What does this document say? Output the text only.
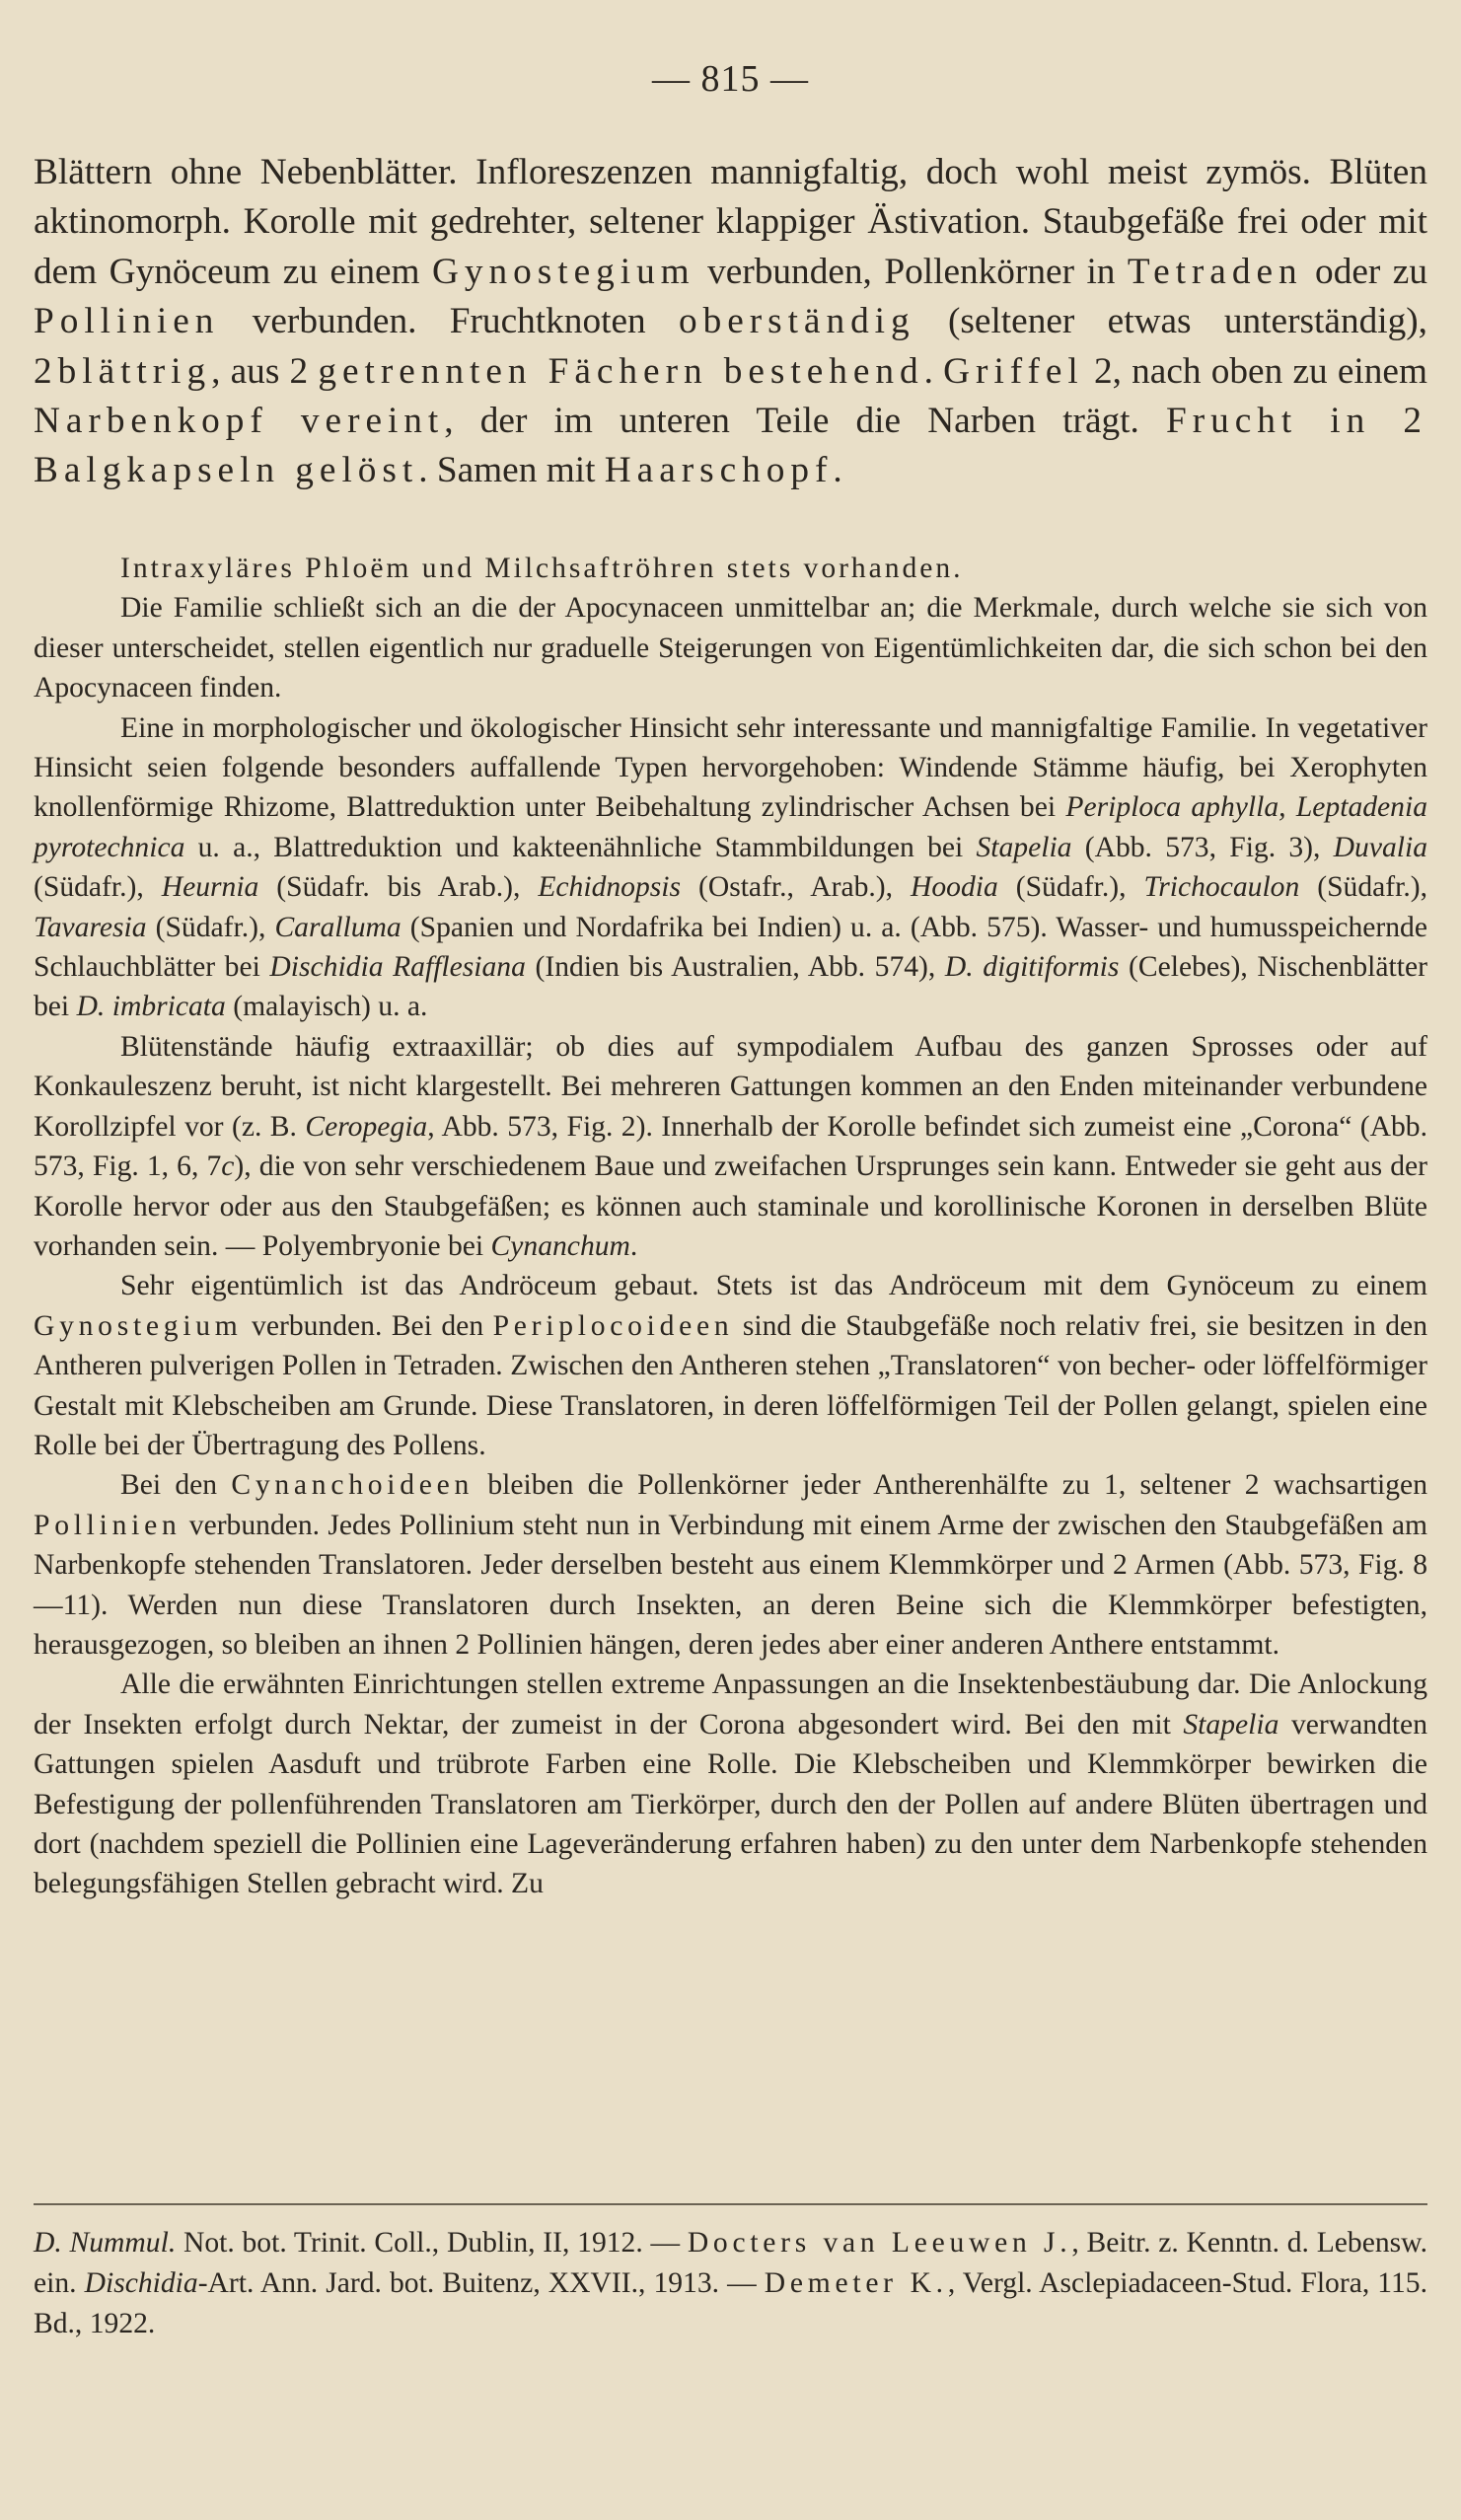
— 815 —

Blättern ohne Nebenblätter. Infloreszenzen mannigfaltig, doch wohl meist zymös. Blüten aktinomorph. Korolle mit gedrehter, seltener klappiger Ästivation. Staubgefäße frei oder mit dem Gynöceum zu einem Gynostegium verbunden, Pollenkörner in Tetraden oder zu Pollinien verbunden. Fruchtknoten oberständig (seltener etwas unterständig), 2blättrig, aus 2 getrennten Fächern bestehend. Griffel 2, nach oben zu einem Narbenkopf vereint, der im unteren Teile die Narben trägt. Frucht in 2 Balgkapseln gelöst. Samen mit Haarschopf.

Intraxyläres Phloëm und Milchsaftröhren stets vorhanden.

Die Familie schließt sich an die der Apocynaceen unmittelbar an; die Merkmale, durch welche sie sich von dieser unterscheidet, stellen eigentlich nur graduelle Steigerungen von Eigentümlichkeiten dar, die sich schon bei den Apocynaceen finden.

Eine in morphologischer und ökologischer Hinsicht sehr interessante und mannigfaltige Familie. In vegetativer Hinsicht seien folgende besonders auffallende Typen hervorgehoben: Windende Stämme häufig, bei Xerophyten knollenförmige Rhizome, Blattreduktion unter Beibehaltung zylindrischer Achsen bei Periploca aphylla, Leptadenia pyrotechnica u. a., Blattreduktion und kakteenähnliche Stammbildungen bei Stapelia (Abb. 573, Fig. 3), Duvalia (Südafr.), Heurnia (Südafr. bis Arab.), Echidnopsis (Ostafr., Arab.), Hoodia (Südafr.), Trichocaulon (Südafr.), Tavaresia (Südafr.), Caralluma (Spanien und Nordafrika bei Indien) u. a. (Abb. 575). Wasser- und humusspeichernde Schlauchblätter bei Dischidia Rafflesiana (Indien bis Australien, Abb. 574), D. digitiformis (Celebes), Nischenblätter bei D. imbricata (malayisch) u. a.

Blütenstände häufig extraaxillär; ob dies auf sympodialem Aufbau des ganzen Sprosses oder auf Konkauleszenz beruht, ist nicht klargestellt. Bei mehreren Gattungen kommen an den Enden miteinander verbundene Korollzipfel vor (z. B. Ceropegia, Abb. 573, Fig. 2). Innerhalb der Korolle befindet sich zumeist eine „Corona“ (Abb. 573, Fig. 1, 6, 7c), die von sehr verschiedenem Baue und zweifachen Ursprunges sein kann. Entweder sie geht aus der Korolle hervor oder aus den Staubgefäßen; es können auch staminale und korollinische Koronen in derselben Blüte vorhanden sein. — Polyembryonie bei Cynanchum.

Sehr eigentümlich ist das Andröceum gebaut. Stets ist das Andröceum mit dem Gynöceum zu einem Gynostegium verbunden. Bei den Periplocoideen sind die Staubgefäße noch relativ frei, sie besitzen in den Antheren pulverigen Pollen in Tetraden. Zwischen den Antheren stehen „Translatoren“ von becher- oder löffelförmiger Gestalt mit Klebscheiben am Grunde. Diese Translatoren, in deren löffelförmigen Teil der Pollen gelangt, spielen eine Rolle bei der Übertragung des Pollens.

Bei den Cynanchoideen bleiben die Pollenkörner jeder Antherenhälfte zu 1, seltener 2 wachsartigen Pollinien verbunden. Jedes Pollinium steht nun in Verbindung mit einem Arme der zwischen den Staubgefäßen am Narbenkopfe stehenden Translatoren. Jeder derselben besteht aus einem Klemmkörper und 2 Armen (Abb. 573, Fig. 8—11). Werden nun diese Translatoren durch Insekten, an deren Beine sich die Klemmkörper befestigten, herausgezogen, so bleiben an ihnen 2 Pollinien hängen, deren jedes aber einer anderen Anthere entstammt.

Alle die erwähnten Einrichtungen stellen extreme Anpassungen an die Insektenbestäubung dar. Die Anlockung der Insekten erfolgt durch Nektar, der zumeist in der Corona abgesondert wird. Bei den mit Stapelia verwandten Gattungen spielen Aasduft und trübrote Farben eine Rolle. Die Klebscheiben und Klemmkörper bewirken die Befestigung der pollenführenden Translatoren am Tierkörper, durch den der Pollen auf andere Blüten übertragen und dort (nachdem speziell die Pollinien eine Lageveränderung erfahren haben) zu den unter dem Narbenkopfe stehenden belegungsfähigen Stellen gebracht wird. Zu

D. Nummul. Not. bot. Trinit. Coll., Dublin, II, 1912. — Docters van Leeuwen J., Beitr. z. Kenntn. d. Lebensw. ein. Dischidia-Art. Ann. Jard. bot. Buitenz, XXVII., 1913. — Demeter K., Vergl. Asclepiadaceen-Stud. Flora, 115. Bd., 1922.
